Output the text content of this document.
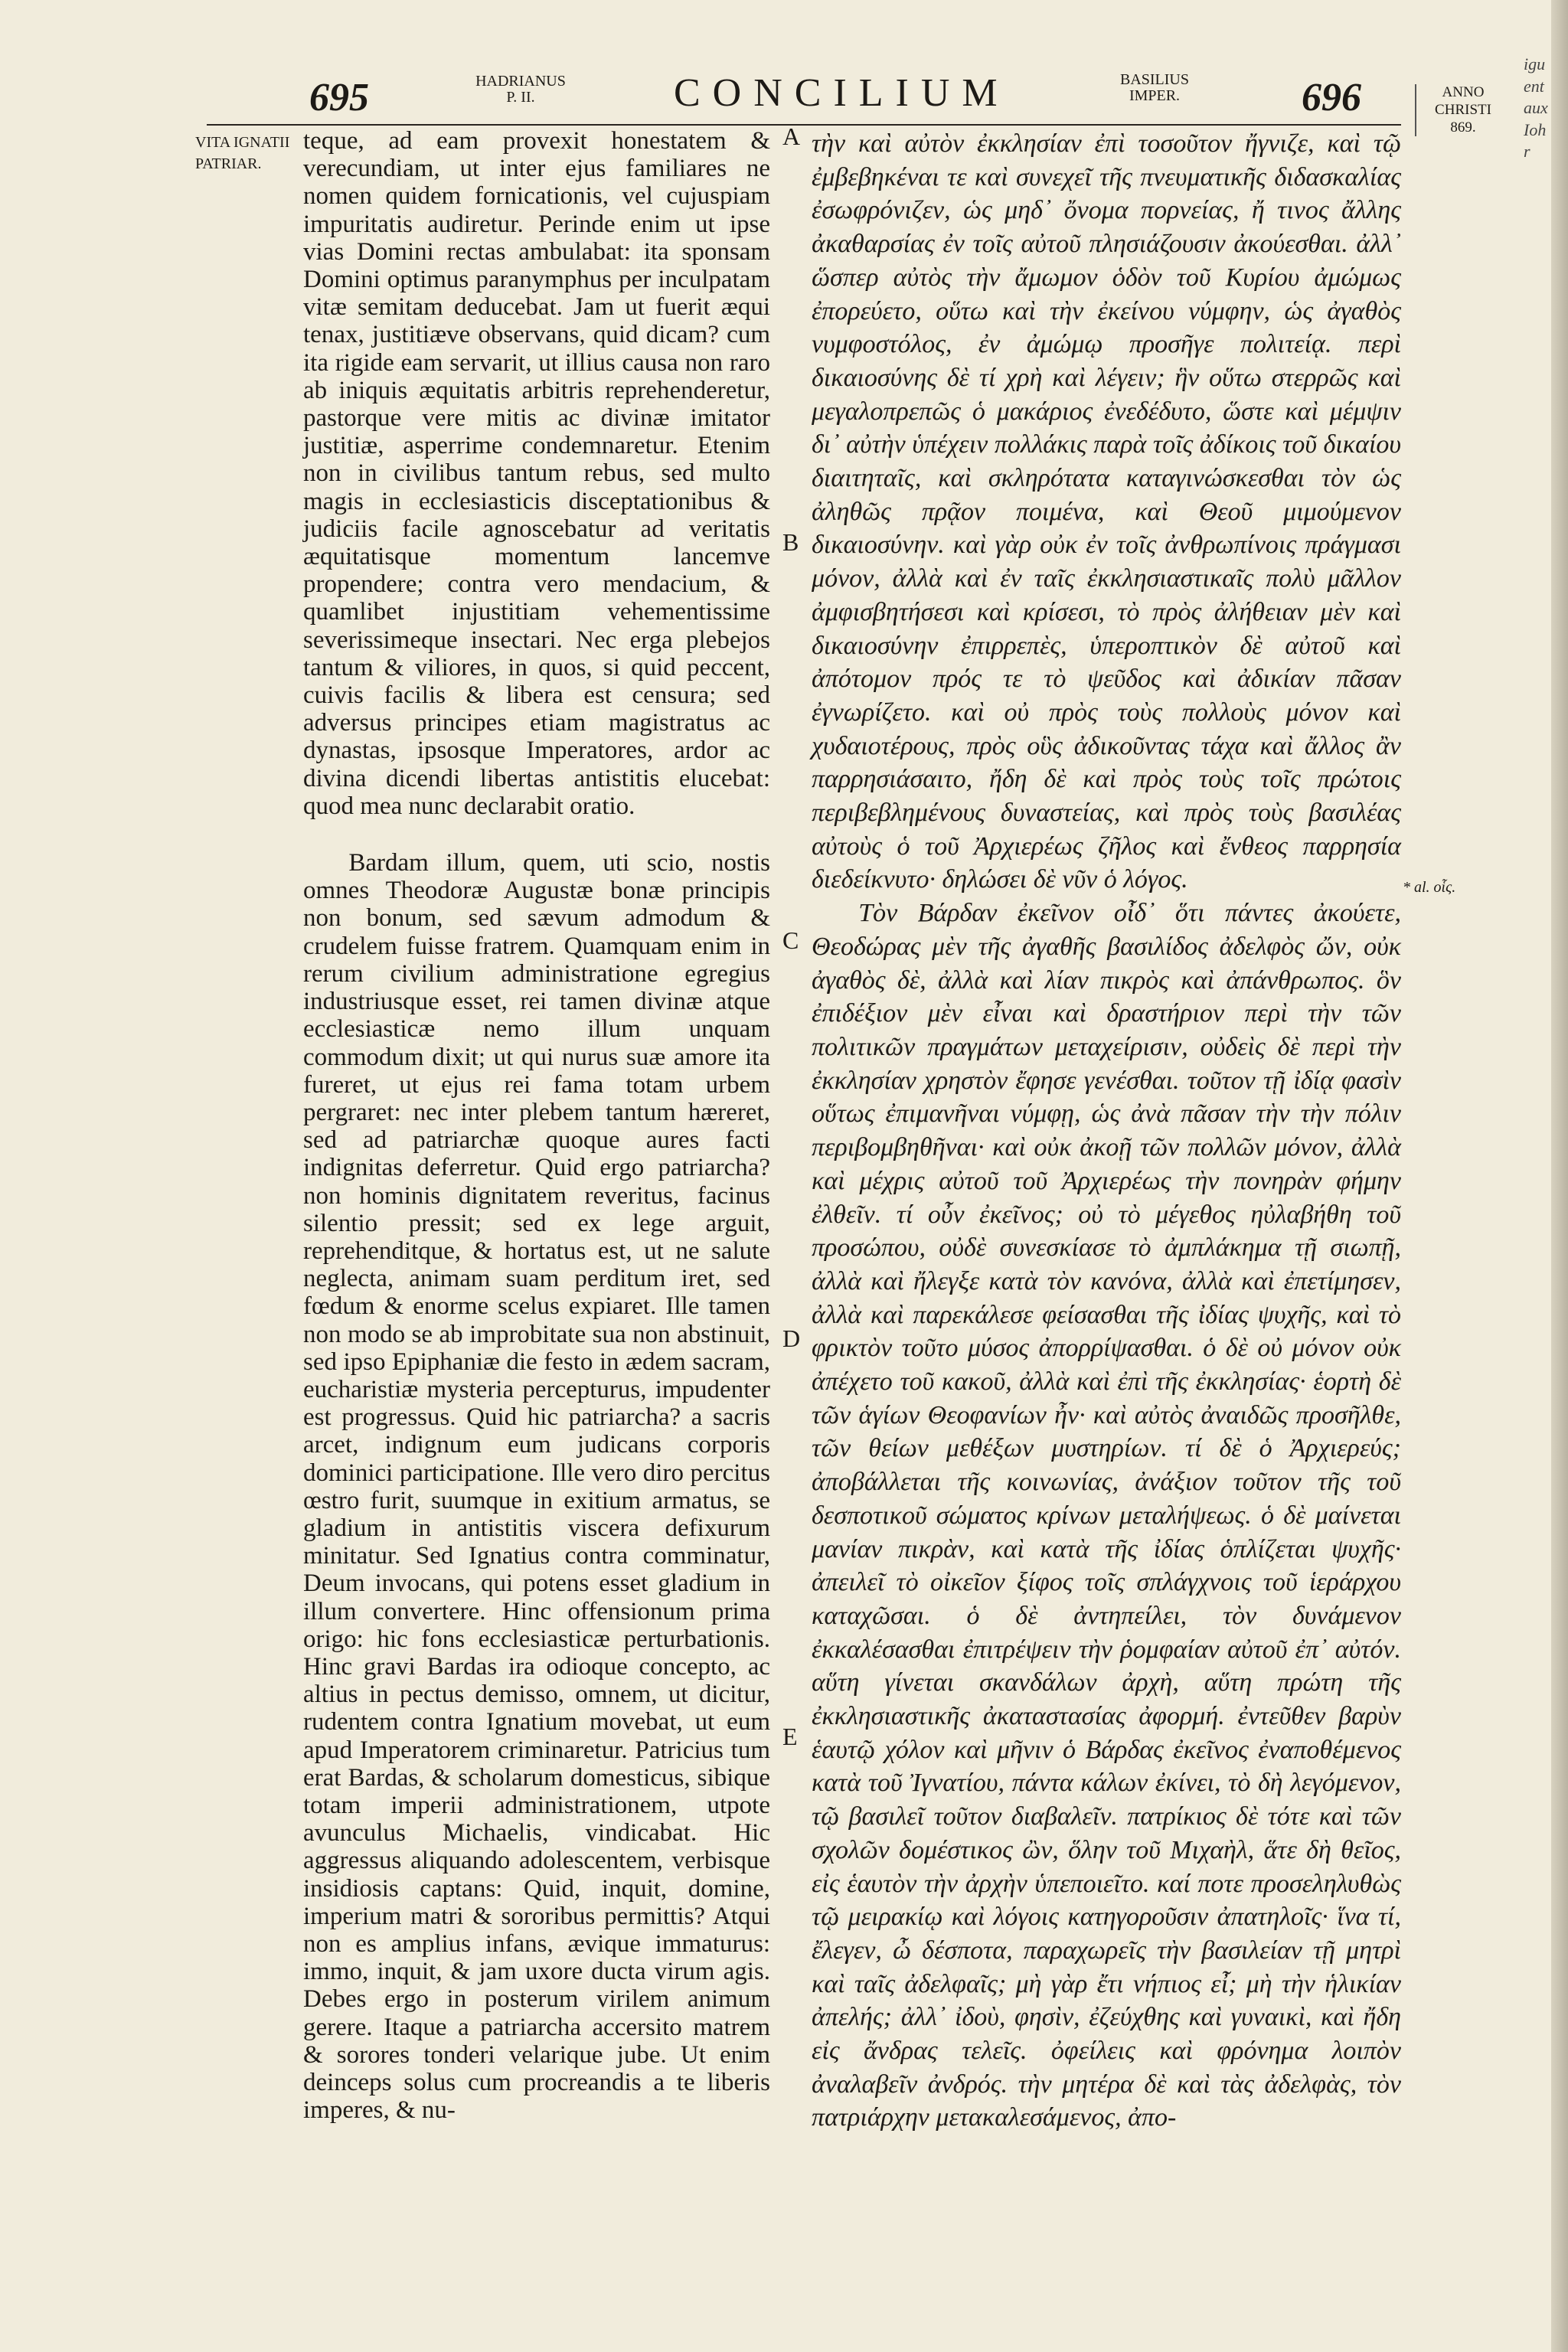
695	HADRIANUS
P. II.	CONCILIUM	BASILIUS
IMPER.	696	ANNO
CHRISTI
869.
VITA IGNATII PATRIAR.

teque, ad eam provexit honestatem & verecundiam, ut inter ejus familiares ne nomen quidem fornicationis, vel cujuspiam impuritatis audiretur. Perinde enim ut ipse vias Domini rectas ambulabat: ita sponsam Domini optimus paranymphus per inculpatam vitæ semitam deducebat. Jam ut fuerit æqui tenax, justitiæve observans, quid dicam? cum ita rigide eam servarit, ut illius causa non raro ab iniquis æquitatis arbitris reprehenderetur, pastorque vere mitis ac divinæ imitator justitiæ, asperrime condemnaretur. Etenim non in civilibus tantum rebus, sed multo magis in ecclesiasticis disceptationibus & judiciis facile agnoscebatur ad veritatis æquitatisque momentum lancemve propendere; contra vero mendacium, & quamlibet injustitiam vehementissime severissimeque insectari. Nec erga plebejos tantum & viliores, in quos, si quid peccent, cuivis facilis & libera est censura; sed adversus principes etiam magistratus ac dynastas, ipsosque Imperatores, ardor ac divina dicendi libertas antistitis elucebat: quod mea nunc declarabit oratio.

Bardam illum, quem, uti scio, nostis omnes Theodoræ Augustæ bonæ principis non bonum, sed sævum admodum & crudelem fuisse fratrem. Quamquam enim in rerum civilium administratione egregius industriusque esset, rei tamen divinæ atque ecclesiasticæ nemo illum unquam commodum dixit; ut qui nurus suæ amore ita fureret, ut ejus rei fama totam urbem pergraret: nec inter plebem tantum hæreret, sed ad patriarchæ quoque aures facti indignitas deferretur. Quid ergo patriarcha? non hominis dignitatem reveritus, facinus silentio pressit; sed ex lege arguit, reprehenditque, & hortatus est, ut ne salute neglecta, animam suam perditum iret, sed fœdum & enorme scelus expiaret. Ille tamen non modo se ab improbitate sua non abstinuit, sed ipso Epiphaniæ die festo in ædem sacram, eucharistiæ mysteria percepturus, impudenter est progressus. Quid hic patriarcha? a sacris arcet, indignum eum judicans corporis dominici participatione. Ille vero diro percitus œstro furit, suumque in exitium armatus, se gladium in antistitis viscera defixurum minitatur. Sed Ignatius contra comminatur, Deum invocans, qui potens esset gladium in illum convertere. Hinc offensionum prima origo: hic fons ecclesiasticæ perturbationis. Hinc gravi Bardas ira odioque concepto, ac altius in pectus demisso, omnem, ut dicitur, rudentem contra Ignatium movebat, ut eum apud Imperatorem criminaretur. Patricius tum erat Bardas, & scholarum domesticus, sibique totam imperii administrationem, utpote avunculus Michaelis, vindicabat. Hic aggressus aliquando adolescentem, verbisque insidiosis captans: Quid, inquit, domine, imperium matri & sororibus permittis? Atqui non es amplius infans, ævique immaturus: immo, inquit, & jam uxore ducta virum agis. Debes ergo in posterum virilem animum gerere. Itaque a patriarcha accersito matrem & sorores tonderi velarique jube. Ut enim deinceps solus cum procreandis a te liberis imperes, & nu-

A
B
C
D
E

τὴν καὶ αὐτὸν ἐκκλησίαν ἐπὶ τοσοῦτον ἤγνιζε, καὶ τῷ ἐμβεβηκέναι τε καὶ συνεχεῖ τῆς πνευματικῆς διδασκαλίας ἐσωφρόνιζεν, ὡς μηδ᾽ ὄνομα πορνείας, ἤ τινος ἄλλης ἀκαθαρσίας ἐν τοῖς αὐτοῦ πλησιάζουσιν ἀκούεσθαι. ἀλλ᾽ ὥσπερ αὐτὸς τὴν ἄμωμον ὁδὸν τοῦ Κυρίου ἀμώμως ἐπορεύετο, οὕτω καὶ τὴν ἐκείνου νύμφην, ὡς ἀγαθὸς νυμφοστόλος, ἐν ἀμώμῳ προσῆγε πολιτείᾳ. περὶ δικαιοσύνης δὲ τί χρὴ καὶ λέγειν; ἣν οὕτω στερρῶς καὶ μεγαλοπρεπῶς ὁ μακάριος ἐνεδέδυτο, ὥστε καὶ μέμψιν δι᾽ αὐτὴν ὑπέχειν πολλάκις παρὰ τοῖς ἀδίκοις τοῦ δικαίου διαιτηταῖς, καὶ σκληρότατα καταγινώσκεσθαι τὸν ὡς ἀληθῶς πρᾷον ποιμένα, καὶ Θεοῦ μιμούμενον δικαιοσύνην. καὶ γὰρ οὐκ ἐν τοῖς ἀνθρωπίνοις πράγμασι μόνον, ἀλλὰ καὶ ἐν ταῖς ἐκκλησιαστικαῖς πολὺ μᾶλλον ἀμφισβητήσεσι καὶ κρίσεσι, τὸ πρὸς ἀλήθειαν μὲν καὶ δικαιοσύνην ἐπιρρεπὲς, ὑπεροπτικὸν δὲ αὐτοῦ καὶ ἀπότομον πρός τε τὸ ψεῦδος καὶ ἀδικίαν πᾶσαν ἐγνωρίζετο. καὶ οὐ πρὸς τοὺς πολλοὺς μόνον καὶ χυδαιοτέρους, πρὸς οὓς ἀδικοῦντας τάχα καὶ ἄλλος ἂν παρρησιάσαιτο, ἤδη δὲ καὶ πρὸς τοὺς τοῖς πρώτοις περιβεβλημένους δυναστείας, καὶ πρὸς τοὺς βασιλέας αὐτοὺς ὁ τοῦ Ἀρχιερέως ζῆλος καὶ ἔνθεος παρρησία διεδείκνυτο· δηλώσει δὲ νῦν ὁ λόγος.

Τὸν Βάρδαν ἐκεῖνον οἶδ᾽ ὅτι πάντες ἀκούετε, Θεοδώρας μὲν τῆς ἀγαθῆς βασιλίδος ἀδελφὸς ὤν, οὐκ ἀγαθὸς δὲ, ἀλλὰ καὶ λίαν πικρὸς καὶ ἀπάνθρωπος. ὃν ἐπιδέξιον μὲν εἶναι καὶ δραστήριον περὶ τὴν τῶν πολιτικῶν πραγμάτων μεταχείρισιν, οὐδεὶς δὲ περὶ τὴν ἐκκλησίαν χρηστὸν ἔφησε γενέσθαι. τοῦτον τῇ ἰδίᾳ φασὶν οὕτως ἐπιμανῆναι νύμφῃ, ὡς ἀνὰ πᾶσαν τὴν τὴν πόλιν περιβομβηθῆναι· καὶ οὐκ ἀκοῇ τῶν πολλῶν μόνον, ἀλλὰ καὶ μέχρις αὐτοῦ τοῦ Ἀρχιερέως τὴν πονηρὰν φήμην ἐλθεῖν. τί οὖν ἐκεῖνος; οὐ τὸ μέγεθος ηὐλαβήθη τοῦ προσώπου, οὐδὲ συνεσκίασε τὸ ἀμπλάκημα τῇ σιωπῇ, ἀλλὰ καὶ ἤλεγξε κατὰ τὸν κανόνα, ἀλλὰ καὶ ἐπετίμησεν, ἀλλὰ καὶ παρεκάλεσε φείσασθαι τῆς ἰδίας ψυχῆς, καὶ τὸ φρικτὸν τοῦτο μύσος ἀπορρίψασθαι. ὁ δὲ οὐ μόνον οὐκ ἀπέχετο τοῦ κακοῦ, ἀλλὰ καὶ ἐπὶ τῆς ἐκκλησίας· ἑορτὴ δὲ τῶν ἁγίων Θεοφανίων ἦν· καὶ αὐτὸς ἀναιδῶς προσῆλθε, τῶν θείων μεθέξων μυστηρίων. τί δὲ ὁ Ἀρχιερεύς; ἀποβάλλεται τῆς κοινωνίας, ἀνάξιον τοῦτον τῆς τοῦ δεσποτικοῦ σώματος κρίνων μεταλήψεως. ὁ δὲ μαίνεται μανίαν πικρὰν, καὶ κατὰ τῆς ἰδίας ὁπλίζεται ψυχῆς· ἀπειλεῖ τὸ οἰκεῖον ξίφος τοῖς σπλάγχνοις τοῦ ἱεράρχου καταχῶσαι. ὁ δὲ ἀντηπείλει, τὸν δυνάμενον ἐκκαλέσασθαι ἐπιτρέψειν τὴν ῥομφαίαν αὐτοῦ ἐπ᾽ αὐτόν. αὕτη γίνεται σκανδάλων ἀρχὴ, αὕτη πρώτη τῆς ἐκκλησιαστικῆς ἀκαταστασίας ἀφορμή. ἐντεῦθεν βαρὺν ἑαυτῷ χόλον καὶ μῆνιν ὁ Βάρδας ἐκεῖνος ἐναποθέμενος κατὰ τοῦ Ἰγνατίου, πάντα κάλων ἐκίνει, τὸ δὴ λεγόμενον, τῷ βασιλεῖ τοῦτον διαβαλεῖν. πατρίκιος δὲ τότε καὶ τῶν σχολῶν δομέστικος ὢν, ὅλην τοῦ Μιχαὴλ, ἅτε δὴ θεῖος, εἰς ἑαυτὸν τὴν ἀρχὴν ὑπεποιεῖτο. καί ποτε προσεληλυθὼς τῷ μειρακίῳ καὶ λόγοις κατηγοροῦσιν ἀπατηλοῖς· ἵνα τί, ἔλεγεν, ὦ δέσποτα, παραχωρεῖς τὴν βασιλείαν τῇ μητρὶ καὶ ταῖς ἀδελφαῖς; μὴ γὰρ ἔτι νήπιος εἶ; μὴ τὴν ἡλικίαν ἀπελής; ἀλλ᾽ ἰδοὺ, φησὶν, ἐζεύχθης καὶ γυναικὶ, καὶ ἤδη εἰς ἄνδρας τελεῖς. ὀφείλεις καὶ φρόνημα λοιπὸν ἀναλαβεῖν ἀνδρός. τὴν μητέρα δὲ καὶ τὰς ἀδελφὰς, τὸν πατριάρχην μετακαλεσάμενος, ἀπο-

* al. οἷς.
iguent aux Iohr
